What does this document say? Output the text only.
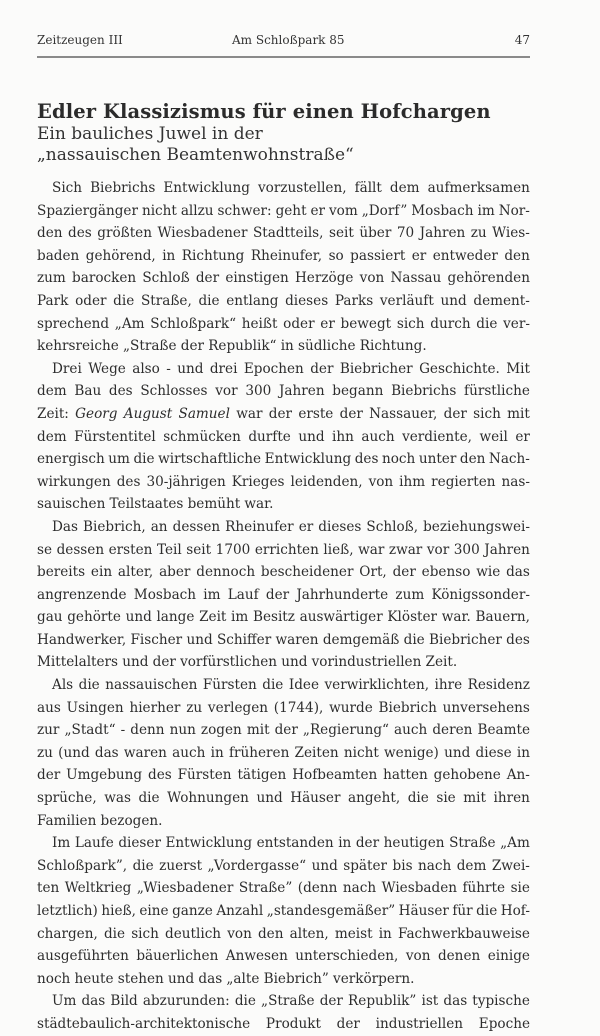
Zeitzeugen III	Am Schloßpark 85	47
Edler Klassizismus für einen Hofchargen
Ein bauliches Juwel in der
„nassauischen Beamtenwohnstraße“
Sich Biebrichs Entwicklung vorzustellen, fällt dem aufmerksamen
Spaziergänger nicht allzu schwer: geht er vom „Dorf” Mosbach im Nor-
den des größten Wiesbadener Stadtteils, seit über 70 Jahren zu Wies-
baden gehörend, in Richtung Rheinufer, so passiert er entweder den
zum barocken Schloß der einstigen Herzöge von Nassau gehörenden
Park oder die Straße, die entlang dieses Parks verläuft und dement-
sprechend „Am Schloßpark“ heißt oder er bewegt sich durch die ver-
kehrsreiche „Straße der Republik“ in südliche Richtung.
Drei Wege also - und drei Epochen der Biebricher Geschichte. Mit
dem Bau des Schlosses vor 300 Jahren begann Biebrichs fürstliche
Zeit: Georg August Samuel war der erste der Nassauer, der sich mit
dem Fürstentitel schmücken durfte und ihn auch verdiente, weil er
energisch um die wirtschaftliche Entwicklung des noch unter den Nach-
wirkungen des 30-jährigen Krieges leidenden, von ihm regierten nas-
sauischen Teilstaates bemüht war.
Das Biebrich, an dessen Rheinufer er dieses Schloß, beziehungswei-
se dessen ersten Teil seit 1700 errichten ließ, war zwar vor 300 Jahren
bereits ein alter, aber dennoch bescheidener Ort, der ebenso wie das
angrenzende Mosbach im Lauf der Jahrhunderte zum Königssonder-
gau gehörte und lange Zeit im Besitz auswärtiger Klöster war. Bauern,
Handwerker, Fischer und Schiffer waren demgemäß die Biebricher des
Mittelalters und der vorfürstlichen und vorindustriellen Zeit.
Als die nassauischen Fürsten die Idee verwirklichten, ihre Residenz
aus Usingen hierher zu verlegen (1744), wurde Biebrich unversehens
zur „Stadt“ - denn nun zogen mit der „Regierung“ auch deren Beamte
zu (und das waren auch in früheren Zeiten nicht wenige) und diese in
der Umgebung des Fürsten tätigen Hofbeamten hatten gehobene An-
sprüche, was die Wohnungen und Häuser angeht, die sie mit ihren
Familien bezogen.
Im Laufe dieser Entwicklung entstanden in der heutigen Straße „Am
Schloßpark”, die zuerst „Vordergasse“ und später bis nach dem Zwei-
ten Weltkrieg „Wiesbadener Straße” (denn nach Wiesbaden führte sie
letztlich) hieß, eine ganze Anzahl „standesgemäßer” Häuser für die Hof-
chargen, die sich deutlich von den alten, meist in Fachwerkbauweise
ausgeführten bäuerlichen Anwesen unterschieden, von denen einige
noch heute stehen und das „alte Biebrich” verkörpern.
Um das Bild abzurunden: die „Straße der Republik” ist das typische
städtebaulich-architektonische Produkt der industriellen Epoche
